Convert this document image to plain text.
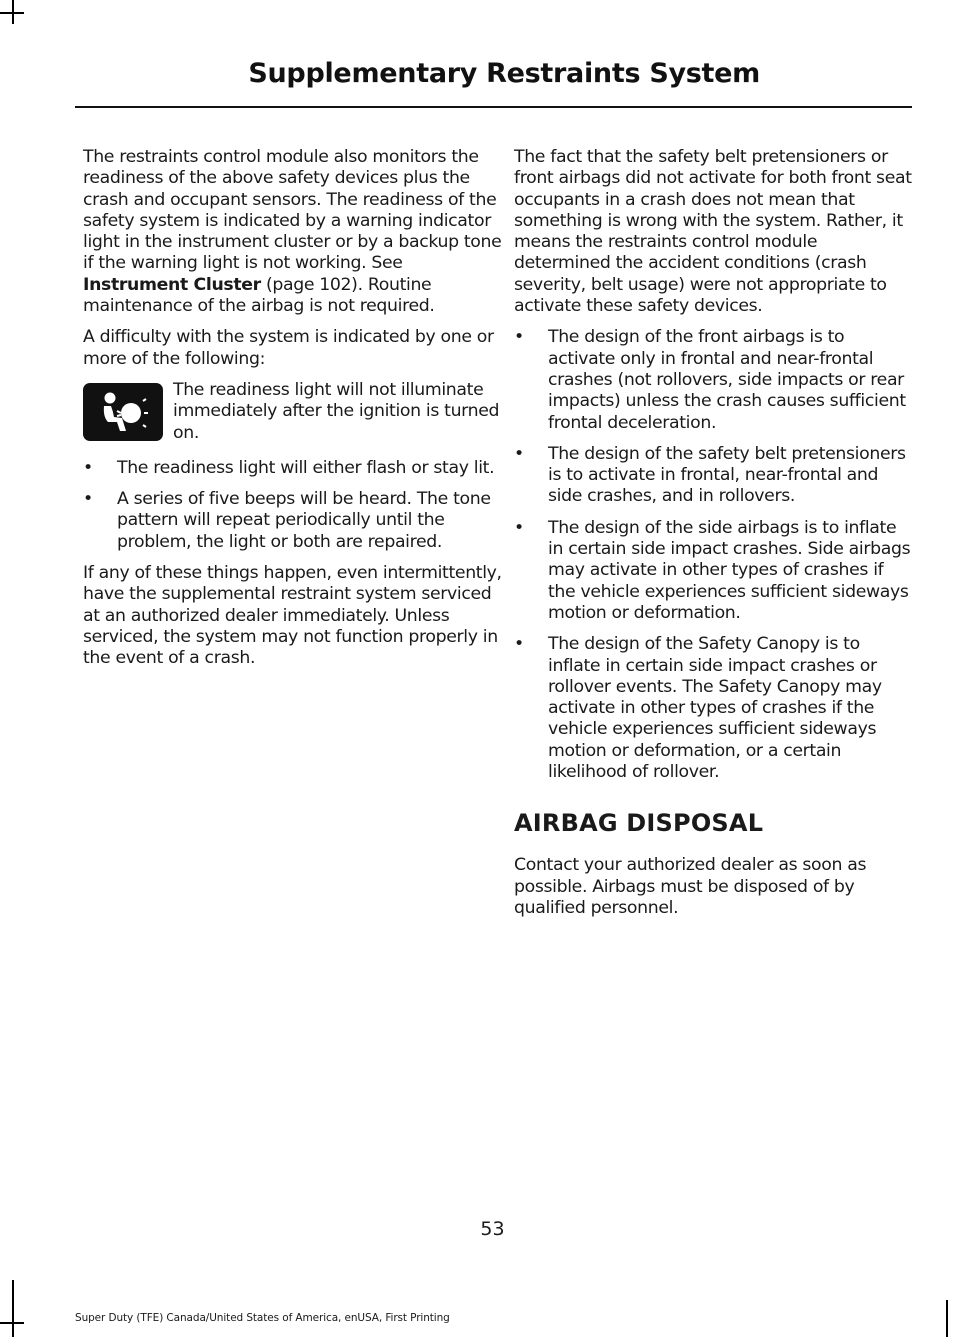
Supplementary Restraints System

The restraints control module also monitors the readiness of the above safety devices plus the crash and occupant sensors. The readiness of the safety system is indicated by a warning indicator light in the instrument cluster or by a backup tone if the warning light is not working. See Instrument Cluster (page 102). Routine maintenance of the airbag is not required.

A difficulty with the system is indicated by one or more of the following:

The readiness light will not illuminate immediately after the ignition is turned on.
• The readiness light will either flash or stay lit.
• A series of five beeps will be heard. The tone pattern will repeat periodically until the problem, the light or both are repaired.

If any of these things happen, even intermittently, have the supplemental restraint system serviced at an authorized dealer immediately. Unless serviced, the system may not function properly in the event of a crash.

The fact that the safety belt pretensioners or front airbags did not activate for both front seat occupants in a crash does not mean that something is wrong with the system. Rather, it means the restraints control module determined the accident conditions (crash severity, belt usage) were not appropriate to activate these safety devices.

• The design of the front airbags is to activate only in frontal and near-frontal crashes (not rollovers, side impacts or rear impacts) unless the crash causes sufficient frontal deceleration.
• The design of the safety belt pretensioners is to activate in frontal, near-frontal and side crashes, and in rollovers.
• The design of the side airbags is to inflate in certain side impact crashes. Side airbags may activate in other types of crashes if the vehicle experiences sufficient sideways motion or deformation.
• The design of the Safety Canopy is to inflate in certain side impact crashes or rollover events. The Safety Canopy may activate in other types of crashes if the vehicle experiences sufficient sideways motion or deformation, or a certain likelihood of rollover.
AIRBAG DISPOSAL

Contact your authorized dealer as soon as possible. Airbags must be disposed of by qualified personnel.

53
Super Duty (TFE) Canada/United States of America, enUSA, First Printing
